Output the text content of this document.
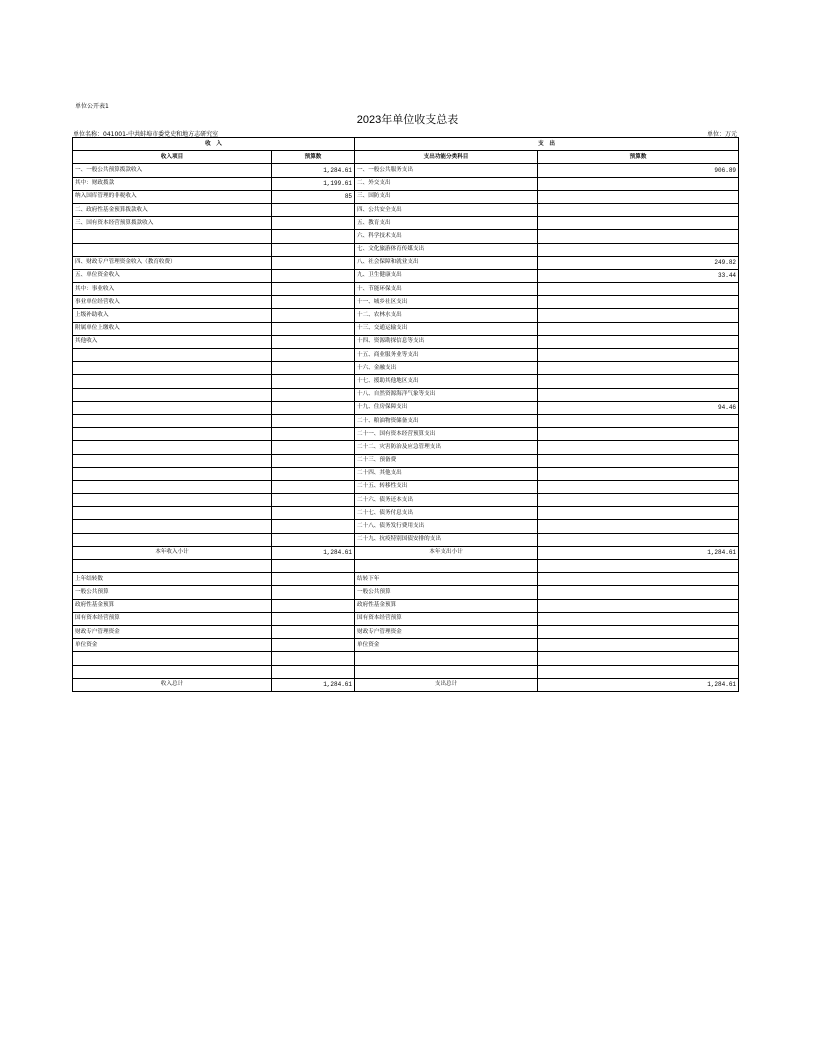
单位公开表1
2023年单位收支总表
单位名称：041001-中共蚌埠市委党史和地方志研究室	单位：万元
收　入		支　出	
收入项目	预算数	支出功能分类科目	预算数
一、一般公共预算拨款收入	1,284.61	一、一般公共服务支出	906.89
其中：财政拨款	1,199.61	二、外交支出	
纳入国库管理的非税收入	85	三、国防支出	
二、政府性基金预算拨款收入		四、公共安全支出	
三、国有资本经营预算拨款收入		五、教育支出	
		六、科学技术支出	
		七、文化旅游体育传媒支出	
四、财政专户管理资金收入（教育收费）		八、社会保障和就业支出	249.82
五、单位资金收入		九、卫生健康支出	33.44
其中：事业收入		十、节能环保支出	
事业单位经营收入		十一、城乡社区支出	
上级补助收入		十二、农林水支出	
附属单位上缴收入		十三、交通运输支出	
其他收入		十四、资源勘探信息等支出	
		十五、商业服务业等支出	
		十六、金融支出	
		十七、援助其他地区支出	
		十八、自然资源海洋气象等支出	
		十九、住房保障支出	94.46
		二十、粮油物资储备支出	
		二十一、国有资本经营预算支出	
		二十二、灾害防治及应急管理支出	
		二十三、预备费	
		二十四、其他支出	
		二十五、转移性支出	
		二十六、债务还本支出	
		二十七、债务付息支出	
		二十八、债务发行费用支出	
		二十九、抗疫特别国债安排的支出	
本年收入小计	1,284.61	本年支出小计	1,284.61

上年结转数		结转下年	
一般公共预算		一般公共预算	
政府性基金预算		政府性基金预算	
国有资本经营预算		国有资本经营预算	
财政专户管理资金		财政专户管理资金	
单位资金		单位资金	

收入总计	1,284.61	支出总计	1,284.61
